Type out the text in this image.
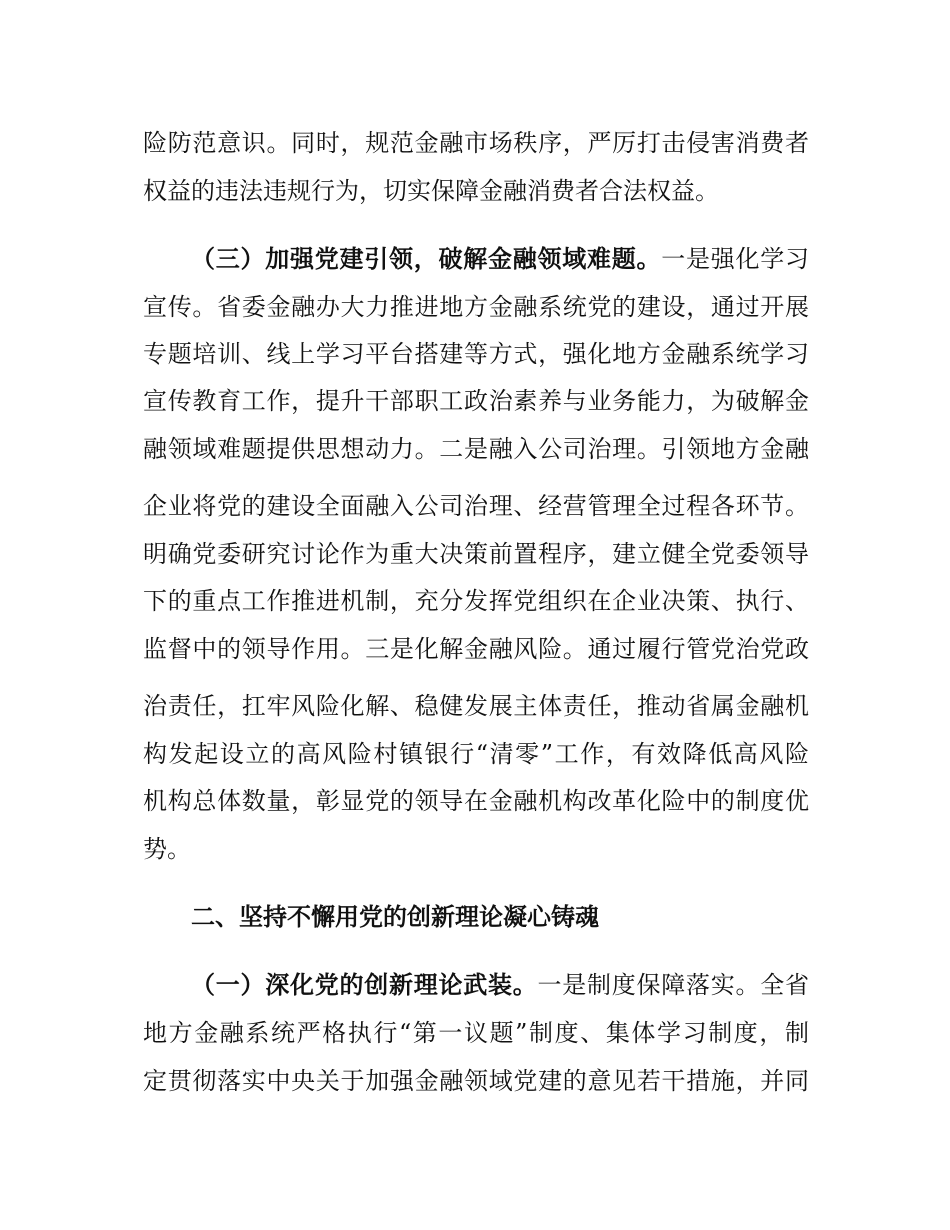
险防范意识。同时，规范金融市场秩序，严厉打击侵害消费者
权益的违法违规行为，切实保障金融消费者合法权益。
（三）加强党建引领，破解金融领域难题。一是强化学习
宣传。省委金融办大力推进地方金融系统党的建设，通过开展
专题培训、线上学习平台搭建等方式，强化地方金融系统学习
宣传教育工作，提升干部职工政治素养与业务能力，为破解金
融领域难题提供思想动力。二是融入公司治理。引领地方金融
企业将党的建设全面融入公司治理、经营管理全过程各环节。
明确党委研究讨论作为重大决策前置程序，建立健全党委领导
下的重点工作推进机制，充分发挥党组织在企业决策、执行、
监督中的领导作用。三是化解金融风险。通过履行管党治党政
治责任，扛牢风险化解、稳健发展主体责任，推动省属金融机
构发起设立的高风险村镇银行“清零”工作，有效降低高风险
机构总体数量，彰显党的领导在金融机构改革化险中的制度优
势。
二、坚持不懈用党的创新理论凝心铸魂
（一）深化党的创新理论武装。一是制度保障落实。全省
地方金融系统严格执行“第一议题”制度、集体学习制度，制
定贯彻落实中央关于加强金融领域党建的意见若干措施，并同
